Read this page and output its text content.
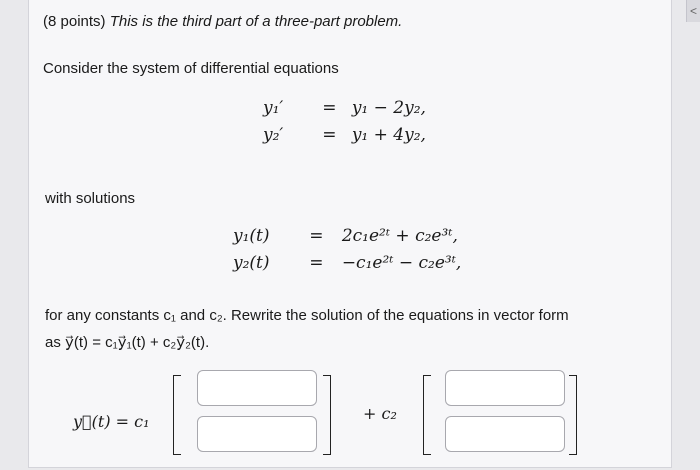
(8 points) This is the third part of a three-part problem.
Consider the system of differential equations
y₁′ = y₁ − 2y₂,
y₂′ = y₁ + 4y₂,
with solutions
y₁(t) = 2c₁e²ᵗ + c₂e³ᵗ,
y₂(t) = −c₁e²ᵗ − c₂e³ᵗ,
for any constants c₁ and c₂. Rewrite the solution of the equations in vector form
as y⃗(t) = c₁y⃗₁(t) + c₂y⃗₂(t).
y⃗(t) = c₁	+ c₂
<
